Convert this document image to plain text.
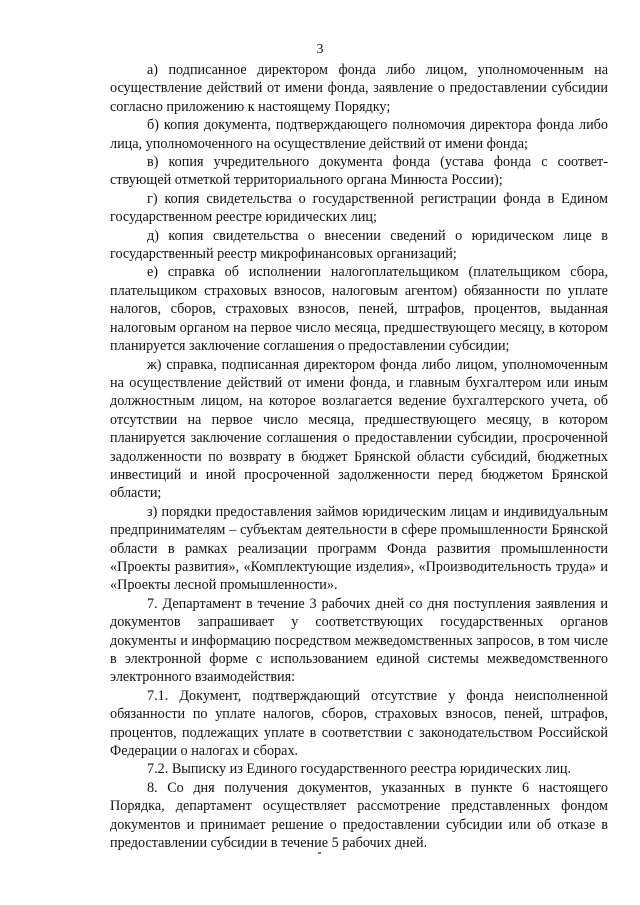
3

а) подписанное директором фонда либо лицом, уполномоченным на осуществление действий от имени фонда, заявление о предоставлении субсидии согласно приложению к настоящему Порядку;

б) копия документа, подтверждающего полномочия директора фонда либо лица, уполномоченного на осуществление действий от имени фонда;

в) копия учредительного документа фонда (устава фонда с соответствующей отметкой территориального органа Минюста России);

г) копия свидетельства о государственной регистрации фонда в Едином государственном реестре юридических лиц;

д) копия свидетельства о внесении сведений о юридическом лице в государственный реестр микрофинансовых организаций;

е) справка об исполнении налогоплательщиком (плательщиком сбора, плательщиком страховых взносов, налоговым агентом) обязанности по уплате налогов, сборов, страховых взносов, пеней, штрафов, процентов, выданная налоговым органом на первое число месяца, предшествующего месяцу, в котором планируется заключение соглашения о предоставлении субсидии;

ж) справка, подписанная директором фонда либо лицом, уполномоченным на осуществление действий от имени фонда, и главным бухгалтером или иным должностным лицом, на которое возлагается ведение бухгалтерского учета, об отсутствии на первое число месяца, предшествующего месяцу, в котором планируется заключение соглашения о предоставлении субсидии, просроченной задолженности по возврату в бюджет Брянской области субсидий, бюджетных инвестиций и иной просроченной задолженности перед бюджетом Брянской области;

з) порядки предоставления займов юридическим лицам и индивидуальным предпринимателям – субъектам деятельности в сфере промышленности Брянской области в рамках реализации программ Фонда развития промышленности «Проекты развития», «Комплектующие изделия», «Производительность труда» и «Проекты лесной промышленности».

7. Департамент в течение 3 рабочих дней со дня поступления заявления и документов запрашивает у соответствующих государственных органов документы и информацию посредством межведомственных запросов, в том числе в электронной форме с использованием единой системы межведомственного электронного взаимодействия:

7.1. Документ, подтверждающий отсутствие у фонда неисполненной обязанности по уплате налогов, сборов, страховых взносов, пеней, штрафов, процентов, подлежащих уплате в соответствии с законодательством Российской Федерации о налогах и сборах.

7.2. Выписку из Единого государственного реестра юридических лиц.

8. Со дня получения документов, указанных в пункте 6 настоящего Порядка, департамент осуществляет рассмотрение представленных фондом документов и принимает решение о предоставлении субсидии или об отказе в предоставлении субсидии в течение 5 рабочих дней.
